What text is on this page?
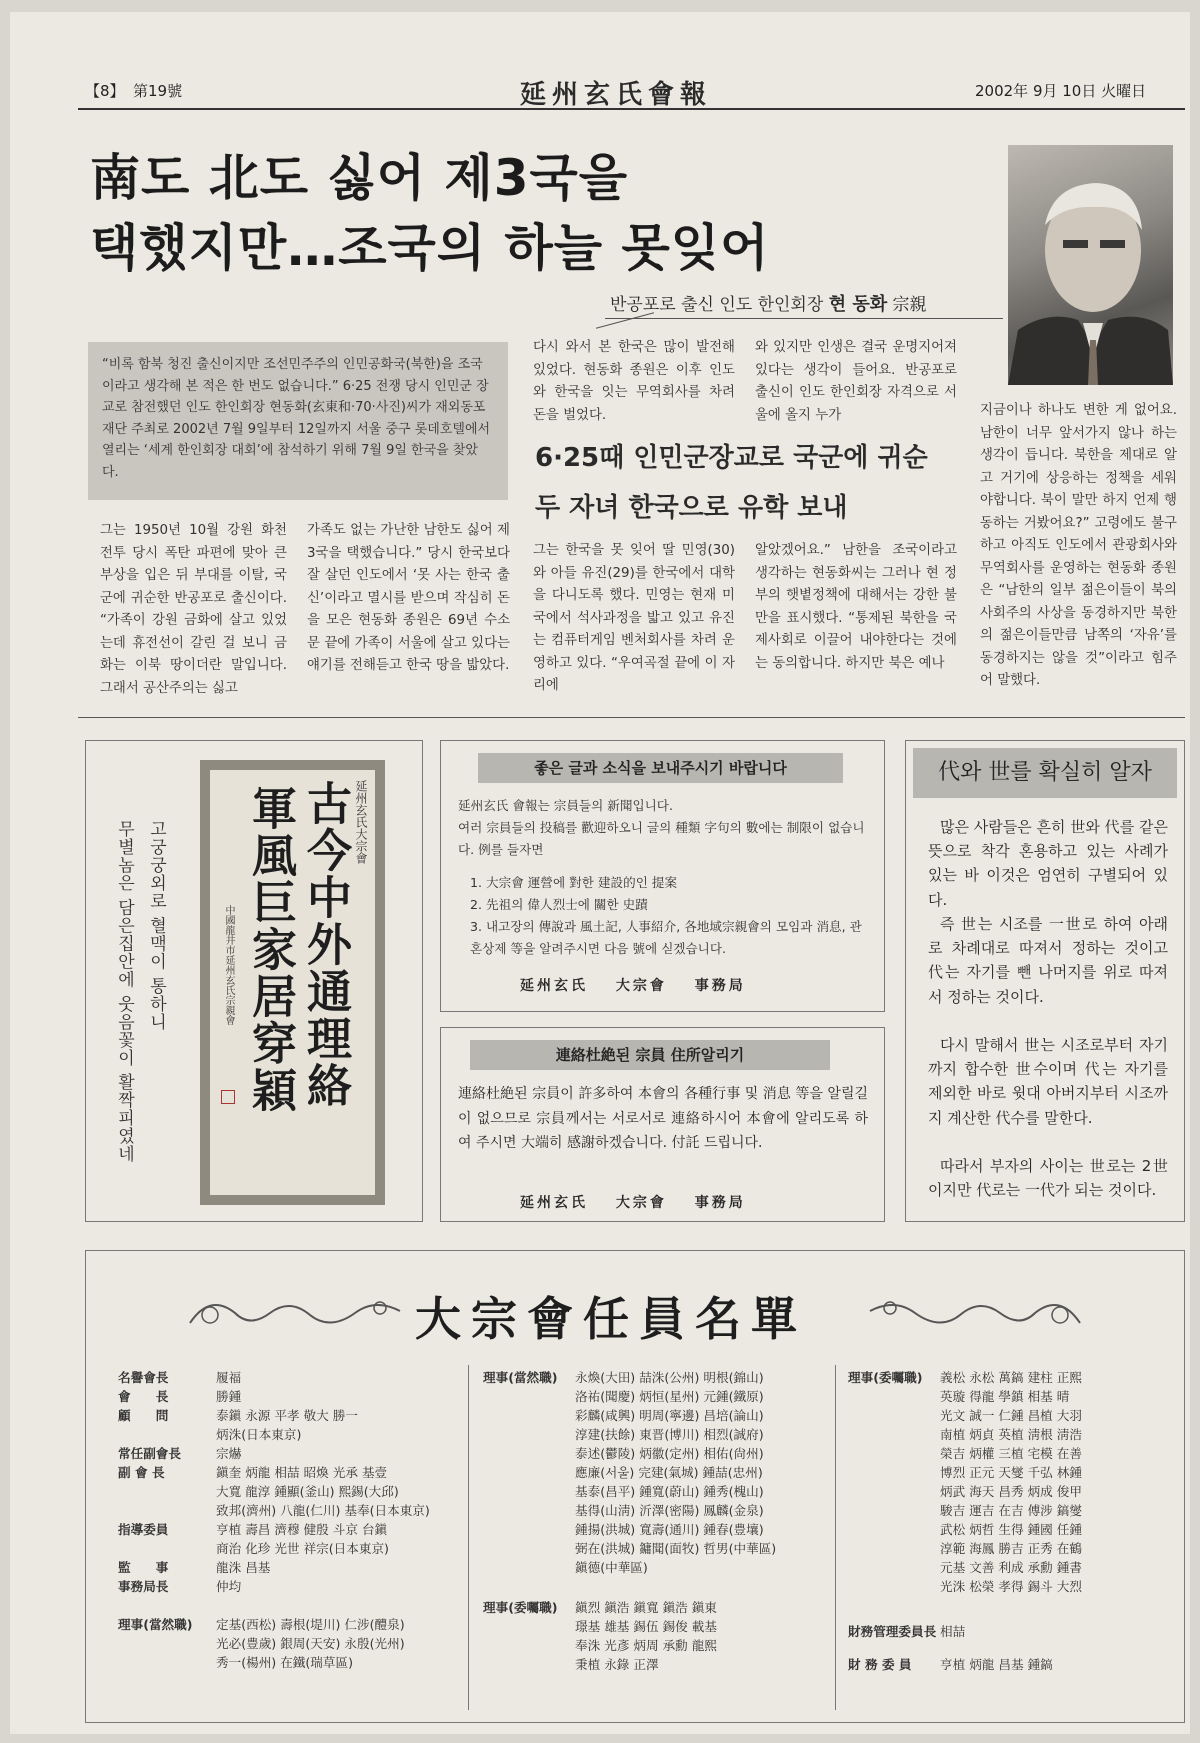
【8】 第19號	延州玄氏會報	2002年 9月 10日 火曜日
南도 北도 싫어 제3국을
택했지만…조국의 하늘 못잊어
반공포로 출신 인도 한인회장 현 동화 宗親
“비록 함북 청진 출신이지만 조선민주주의 인민공화국(북한)을 조국이라고 생각해 본 적은 한 번도 없습니다.” 6·25 전쟁 당시 인민군 장교로 참전했던 인도 한인회장 현동화(玄東和·70·사진)씨가 재외동포재단 주최로 2002년 7월 9일부터 12일까지 서울 중구 롯데호텔에서 열리는 ‘세계 한인회장 대회’에 참석하기 위해 7월 9일 한국을 찾았다.
그는 1950년 10월 강원 화천 전투 당시 폭탄 파편에 맞아 큰 부상을 입은 뒤 부대를 이탈, 국군에 귀순한 반공포로 출신이다. “가족이 강원 금화에 살고 있었는데 휴전선이 갈린 걸 보니 금화는 이북 땅이더란 말입니다. 그래서 공산주의는 싫고
가족도 없는 가난한 남한도 싫어 제3국을 택했습니다.” 당시 한국보다 잘 살던 인도에서 ‘못 사는 한국 출신’이라고 멸시를 받으며 작심히 돈을 모은 현동화 종원은 69년 수소문 끝에 가족이 서울에 살고 있다는 얘기를 전해듣고 한국 땅을 밟았다.
다시 와서 본 한국은 많이 발전해 있었다. 현동화 종원은 이후 인도와 한국을 잇는 무역회사를 차려 돈을 벌었다.
와 있지만 인생은 결국 운명지어져 있다는 생각이 들어요. 반공포로 출신이 인도 한인회장 자격으로 서울에 올지 누가
6·25때 인민군장교로 국군에 귀순
두 자녀 한국으로 유학 보내
그는 한국을 못 잊어 딸 민영(30)와 아들 유진(29)를 한국에서 대학을 다니도록 했다. 민영는 현재 미국에서 석사과정을 밟고 있고 유진는 컴퓨터게임 벤처회사를 차려 운영하고 있다. “우여곡절 끝에 이 자리에
알았겠어요.” 남한을 조국이라고 생각하는 현동화씨는 그러나 현 정부의 햇볕정책에 대해서는 강한 불만을 표시했다. “통제된 북한을 국제사회로 이끌어 내야한다는 것에는 동의합니다. 하지만 북은 예나
지금이나 하나도 변한 게 없어요. 남한이 너무 앞서가지 않나 하는 생각이 듭니다. 북한을 제대로 알고 거기에 상응하는 정책을 세워야합니다. 북이 말만 하지 언제 행동하는 거봤어요?” 고령에도 불구하고 아직도 인도에서 관광회사와 무역회사를 운영하는 현동화 종원은 “남한의 일부 젊은이들이 북의 사회주의 사상을 동경하지만 북한의 젊은이들만큼 남쪽의 ‘자유’를 동경하지는 않을 것”이라고 힘주어 말했다.
고궁궁외로 혈맥이 통하니
무별놈은 담은집안에 웃음꽃이 활짝피였네	古今中外通理絡
軍風巨家居穿穎	延州玄氏大宗會
中國龍井市延州玄氏宗親會
좋은 글과 소식을 보내주시기 바랍니다
延州玄氏 會報는 宗員들의 新聞입니다.
여러 宗員들의 投稿를 歡迎하오니 글의 種類 字句의 數에는 制限이 없습니다. 例를 들자면
1. 大宗會 運營에 對한 建設的인 提案
2. 先祖의 偉人烈士에 關한 史蹟
3. 내고장의 傳說과 風土記, 人事紹介, 各地域宗親會의 모임과 消息, 관혼상제 等을 알려주시면 다음 號에 싣겠습니다.
延州玄氏 大宗會 事務局
連絡杜絶된 宗員 住所알리기
連絡杜絶된 宗員이 許多하여 本會의 各種行事 및 消息 等을 알릴길이 없으므로 宗員께서는 서로서로 連絡하시어 本會에 알리도록 하여 주시면 大端히 感謝하겠습니다. 付託 드립니다.
延州玄氏 大宗會 事務局
代와 世를 확실히 알자
많은 사람들은 흔히 世와 代를 같은 뜻으로 착각 혼용하고 있는 사례가 있는 바 이것은 엄연히 구별되어 있다.
즉 世는 시조를 一世로 하여 아래로 차례대로 따져서 정하는 것이고 代는 자기를 뺀 나머지를 위로 따져서 정하는 것이다.
다시 말해서 世는 시조로부터 자기까지 합수한 世수이며 代는 자기를 제외한 바로 윗대 아버지부터 시조까지 계산한 代수를 말한다.
따라서 부자의 사이는 世로는 2世이지만 代로는 一代가 되는 것이다.
大宗會任員名單
名譽會長	履福
會　　長	勝鍾
顧　　問	泰鎭 永源 平孝 敬大 勝一
炳洙(日本東京)
常任副會長	宗爀
副 會 長	鎭奎 炳龍 相喆 昭煥 光承 基壹
大寬 龍淳 鍾顯(釜山) 熙錫(大邱)
致邦(濟州) 八龍(仁川) 基奉(日本東京)
指導委員	亨植 壽昌 濟穆 健殷 斗京 台鎭
商治 化珍 光世 祥宗(日本東京)
監　　事	龍洙 昌基
事務局長	仲均
理事(當然職) 定基(西松) 壽根(堤川) 仁涉(醴泉)
光必(豊歲) 銀周(天安) 永殷(光州)
秀一(楊州) 在鐵(瑞草區)
理事(當然職) 永煥(大田) 喆洙(公州) 明根(錦山)
洛祐(聞慶) 炳恒(星州) 元鍾(鐵原)
彩麟(咸興) 明周(寧邊) 昌培(論山)
淳建(扶餘) 東晋(博川) 相烈(誠府)
泰述(鬱陵) 炳徽(定州) 相佑(尙州)
應廉(서울) 完建(氣城) 鍾喆(忠州)
基泰(昌平) 鍾寬(蔚山) 鍾秀(槐山)
基得(山淸) 沂澤(密陽) 鳳麟(金泉)
鍾揚(洪城) 寬壽(通川) 鍾春(豊壤)
弼在(洪城) 鏞聞(面牧) 哲男(中華區)
鎭德(中華區)
理事(委囑職) 鎭烈 鎭浩 鎭寬 鎭浩 鎭東
璟基 雄基 錫伍 錫俊 載基
奉洙 光彥 炳周 承勳 龍熙
秉植 永錄 正澤
理事(委囑職) 義松 永松 萬鎬 建柱 正熙
英璇 得龍 學鎮 相基 晴
光文 誠一 仁鍾 昌植 大羽
南植 炳貞 英植 淸根 淸浩
榮吉 炳權 三植 宅模 在善
博烈 正元 天燮 千弘 林鍾
炳武 海天 昌秀 炳成 俊甲
駿吉 運吉 在吉 傅涉 鎬燮
武松 炳哲 生得 鍾國 任鍾
淳範 海鳳 勝吉 正秀 在鶴
元基 文善 利成 承勳 鍾書
光洙 松榮 孝得 錫斗 大烈
財務管理委員長 相喆
財 務 委 員 亨植 炳龍 昌基 鍾鎬
